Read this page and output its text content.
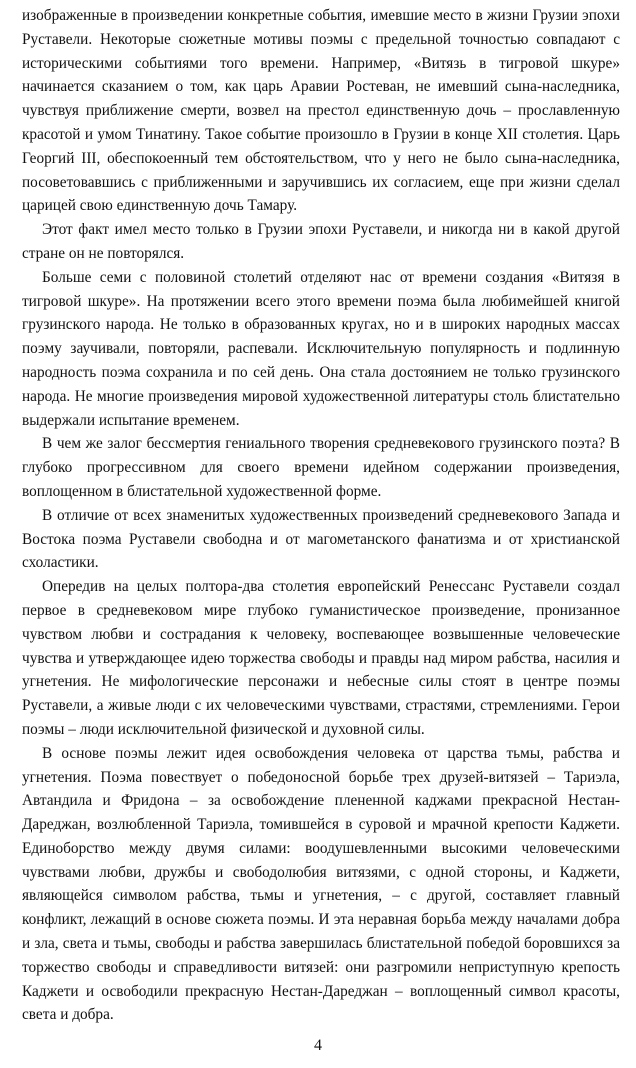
изображенные в произведении конкретные события, имевшие место в жизни Грузии эпохи Руставели. Некоторые сюжетные мотивы поэмы с предельной точностью совпадают с историческими событиями того времени. Например, «Витязь в тигровой шкуре» начинается сказанием о том, как царь Аравии Ростеван, не имевший сына-наследника, чувствуя приближение смерти, возвел на престол единственную дочь – прославленную красотой и умом Тинатину. Такое событие произошло в Грузии в конце XII столетия. Царь Георгий III, обеспокоенный тем обстоятельством, что у него не было сына-наследника, посоветовавшись с приближенными и заручившись их согласием, еще при жизни сделал царицей свою единственную дочь Тамару.

Этот факт имел место только в Грузии эпохи Руставели, и никогда ни в какой другой стране он не повторялся.

Больше семи с половиной столетий отделяют нас от времени создания «Витязя в тигровой шкуре». На протяжении всего этого времени поэма была любимейшей книгой грузинского народа. Не только в образованных кругах, но и в широких народных массах поэму заучивали, повторяли, распевали. Исключительную популярность и подлинную народность поэма сохранила и по сей день. Она стала достоянием не только грузинского народа. Не многие произведения мировой художественной литературы столь блистательно выдержали испытание временем.

В чем же залог бессмертия гениального творения средневекового грузинского поэта? В глубоко прогрессивном для своего времени идейном содержании произведения, воплощенном в блистательной художественной форме.

В отличие от всех знаменитых художественных произведений средневекового Запада и Востока поэма Руставели свободна и от магометанского фанатизма и от христианской схоластики.

Опередив на целых полтора-два столетия европейский Ренессанс Руставели создал первое в средневековом мире глубоко гуманистическое произведение, пронизанное чувством любви и сострадания к человеку, воспевающее возвышенные человеческие чувства и утверждающее идею торжества свободы и правды над миром рабства, насилия и угнетения. Не мифологические персонажи и небесные силы стоят в центре поэмы Руставели, а живые люди с их человеческими чувствами, страстями, стремлениями. Герои поэмы – люди исключительной физической и духовной силы.

В основе поэмы лежит идея освобождения человека от царства тьмы, рабства и угнетения. Поэма повествует о победоносной борьбе трех друзей-витязей – Тариэла, Автандила и Фридона – за освобождение плененной каджами прекрасной Нестан-Дареджан, возлюбленной Тариэла, томившейся в суровой и мрачной крепости Каджети. Единоборство между двумя силами: воодушевленными высокими человеческими чувствами любви, дружбы и свободолюбия витязями, с одной стороны, и Каджети, являющейся символом рабства, тьмы и угнетения, – с другой, составляет главный конфликт, лежащий в основе сюжета поэмы. И эта неравная борьба между началами добра и зла, света и тьмы, свободы и рабства завершилась блистательной победой боровшихся за торжество свободы и справедливости витязей: они разгромили неприступную крепость Каджети и освободили прекрасную Нестан-Дареджан – воплощенный символ красоты, света и добра.

4
